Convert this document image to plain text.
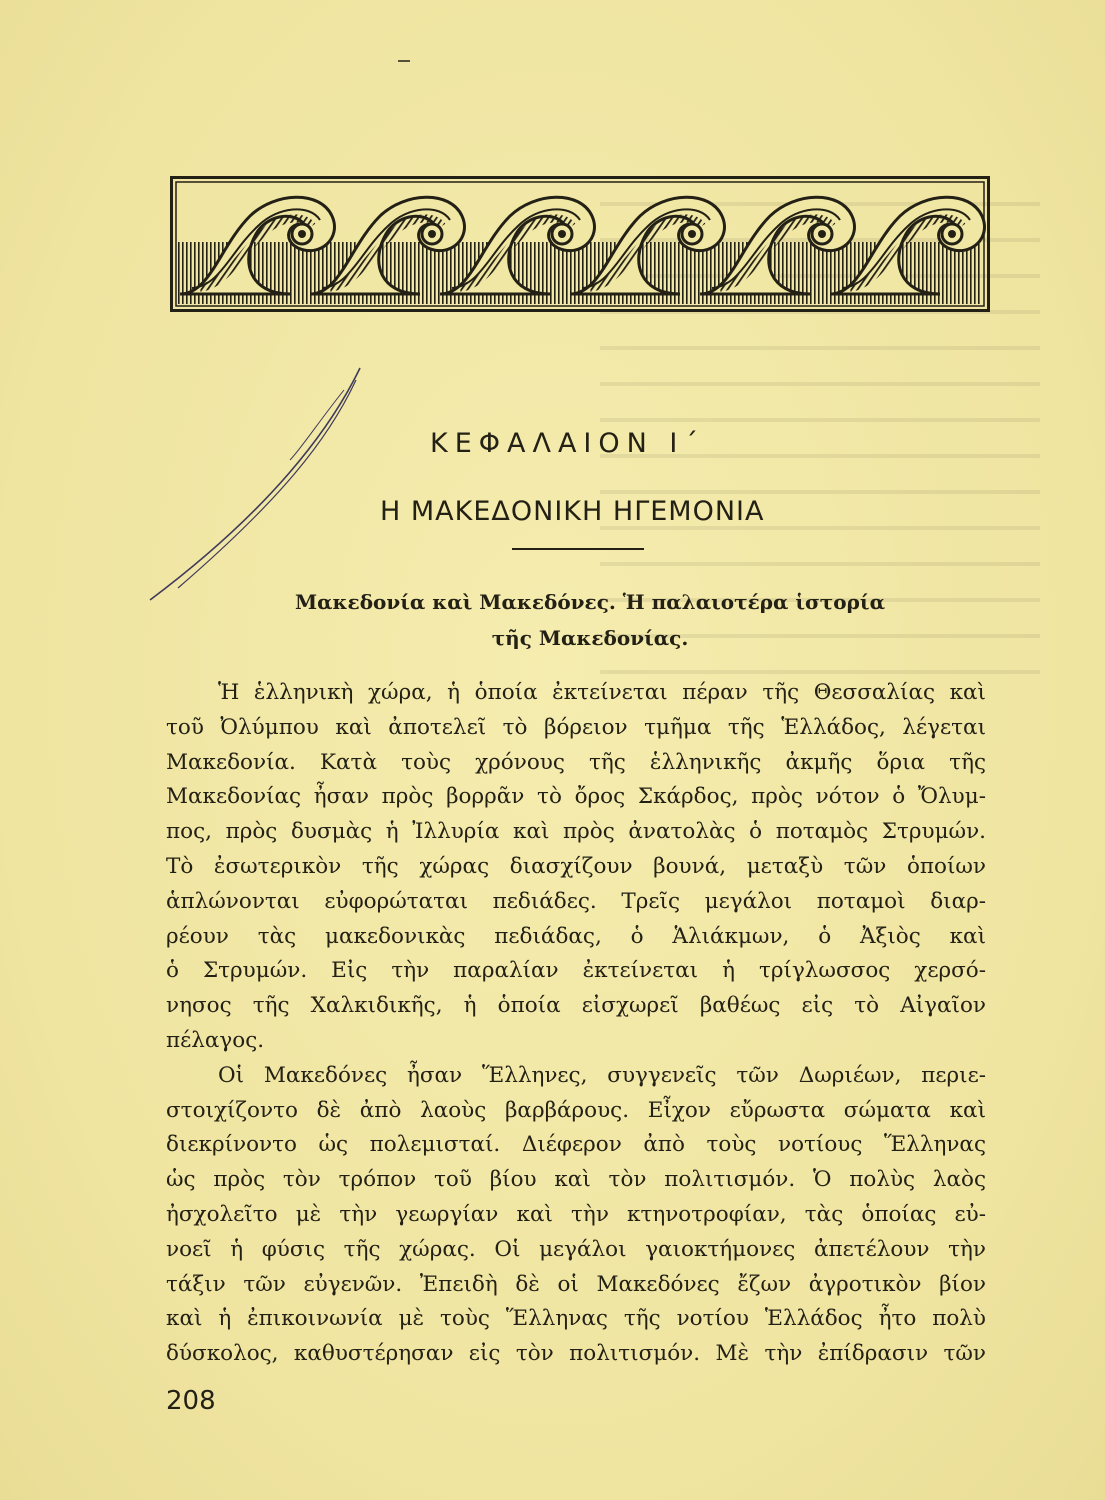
ΚΕΦΑΛΑΙΟΝ Ι΄
Η ΜΑΚΕΔΟΝΙΚΗ ΗΓΕΜΟΝΙΑ
Μακεδονία καὶ Μακεδόνες. Ἡ παλαιοτέρα ἱστορία
τῆς Μακεδονίας.
Ἡ ἑλληνικὴ χώρα, ἡ ὁποία ἐκτείνεται πέραν τῆς Θεσσαλίας καὶ
τοῦ Ὀλύμπου καὶ ἀποτελεῖ τὸ βόρειον τμῆμα τῆς Ἑλλάδος, λέγεται
Μακεδονία. Κατὰ τοὺς χρόνους τῆς ἑλληνικῆς ἀκμῆς ὅρια τῆς
Μακεδονίας ἦσαν πρὸς βορρᾶν τὸ ὄρος Σκάρδος, πρὸς νότον ὁ Ὄλυμ-
πος, πρὸς δυσμὰς ἡ Ἰλλυρία καὶ πρὸς ἀνατολὰς ὁ ποταμὸς Στρυμών.
Τὸ ἐσωτερικὸν τῆς χώρας διασχίζουν βουνά, μεταξὺ τῶν ὁποίων
ἁπλώνονται εὐφορώταται πεδιάδες. Τρεῖς μεγάλοι ποταμοὶ διαρ-
ρέουν τὰς μακεδονικὰς πεδιάδας, ὁ Ἁλιάκμων, ὁ Ἀξιὸς καὶ
ὁ Στρυμών. Εἰς τὴν παραλίαν ἐκτείνεται ἡ τρίγλωσσος χερσό-
νησος τῆς Χαλκιδικῆς, ἡ ὁποία εἰσχωρεῖ βαθέως εἰς τὸ Αἰγαῖον
πέλαγος.
Οἱ Μακεδόνες ἦσαν Ἕλληνες, συγγενεῖς τῶν Δωριέων, περιε-
στοιχίζοντο δὲ ἀπὸ λαοὺς βαρβάρους. Εἶχον εὔρωστα σώματα καὶ
διεκρίνοντο ὡς πολεμισταί. Διέφερον ἀπὸ τοὺς νοτίους Ἕλληνας
ὡς πρὸς τὸν τρόπον τοῦ βίου καὶ τὸν πολιτισμόν. Ὁ πολὺς λαὸς
ἠσχολεῖτο μὲ τὴν γεωργίαν καὶ τὴν κτηνοτροφίαν, τὰς ὁποίας εὐ-
νοεῖ ἡ φύσις τῆς χώρας. Οἱ μεγάλοι γαιοκτήμονες ἀπετέλουν τὴν
τάξιν τῶν εὐγενῶν. Ἐπειδὴ δὲ οἱ Μακεδόνες ἔζων ἀγροτικὸν βίον
καὶ ἡ ἐπικοινωνία μὲ τοὺς Ἕλληνας τῆς νοτίου Ἑλλάδος ἦτο πολὺ
δύσκολος, καθυστέρησαν εἰς τὸν πολιτισμόν. Μὲ τὴν ἐπίδρασιν τῶν

208
